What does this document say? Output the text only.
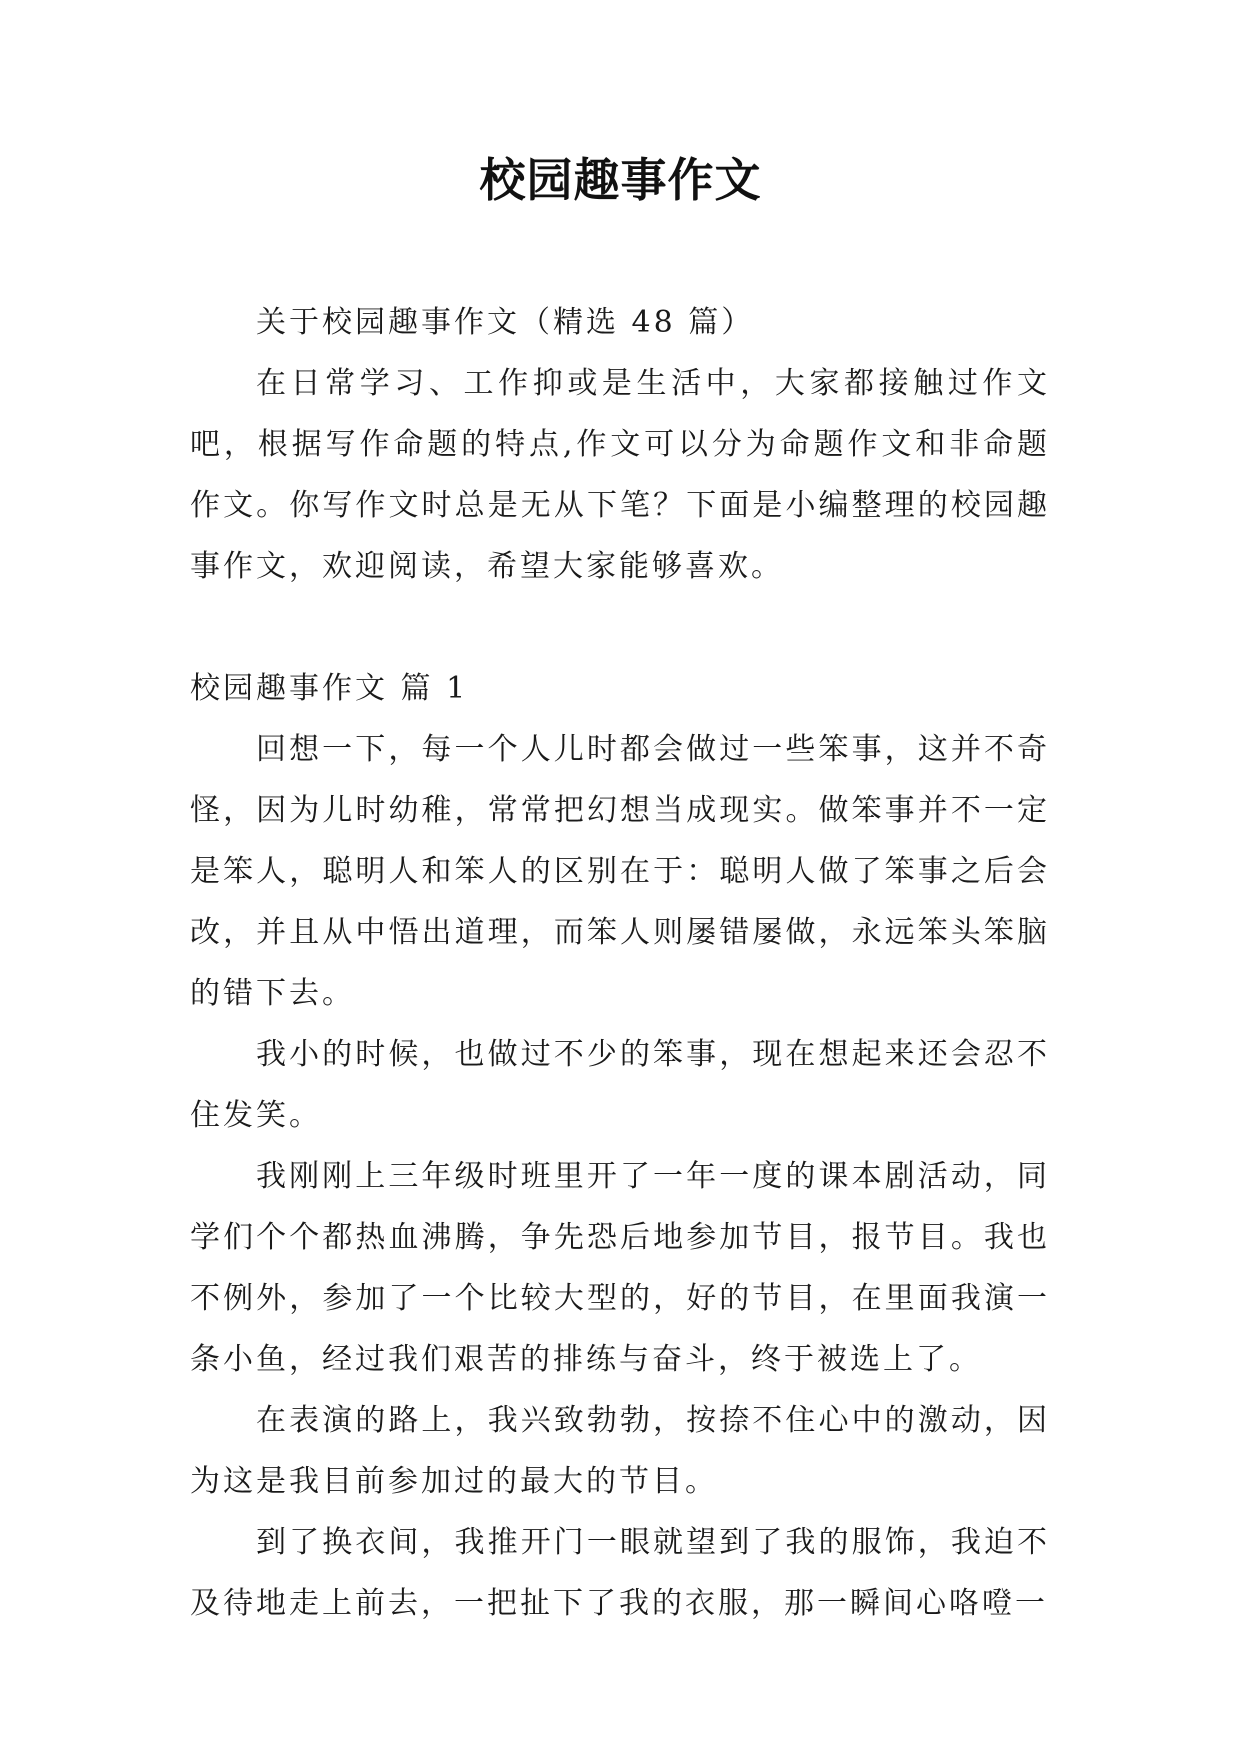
校园趣事作文

关于校园趣事作文（精选 48 篇）

在日常学习、工作抑或是生活中，大家都接触过作文吧，根据写作命题的特点,作文可以分为命题作文和非命题作文。你写作文时总是无从下笔？下面是小编整理的校园趣事作文，欢迎阅读，希望大家能够喜欢。

校园趣事作文 篇 1

回想一下，每一个人儿时都会做过一些笨事，这并不奇怪，因为儿时幼稚，常常把幻想当成现实。做笨事并不一定是笨人，聪明人和笨人的区别在于：聪明人做了笨事之后会改，并且从中悟出道理，而笨人则屡错屡做，永远笨头笨脑的错下去。

我小的时候，也做过不少的笨事，现在想起来还会忍不住发笑。

我刚刚上三年级时班里开了一年一度的课本剧活动，同学们个个都热血沸腾，争先恐后地参加节目，报节目。我也不例外，参加了一个比较大型的，好的节目，在里面我演一条小鱼，经过我们艰苦的排练与奋斗，终于被选上了。

在表演的路上，我兴致勃勃，按捺不住心中的激动，因为这是我目前参加过的最大的节目。

到了换衣间，我推开门一眼就望到了我的服饰，我迫不及待地走上前去，一把扯下了我的衣服，那一瞬间心咯噔一
